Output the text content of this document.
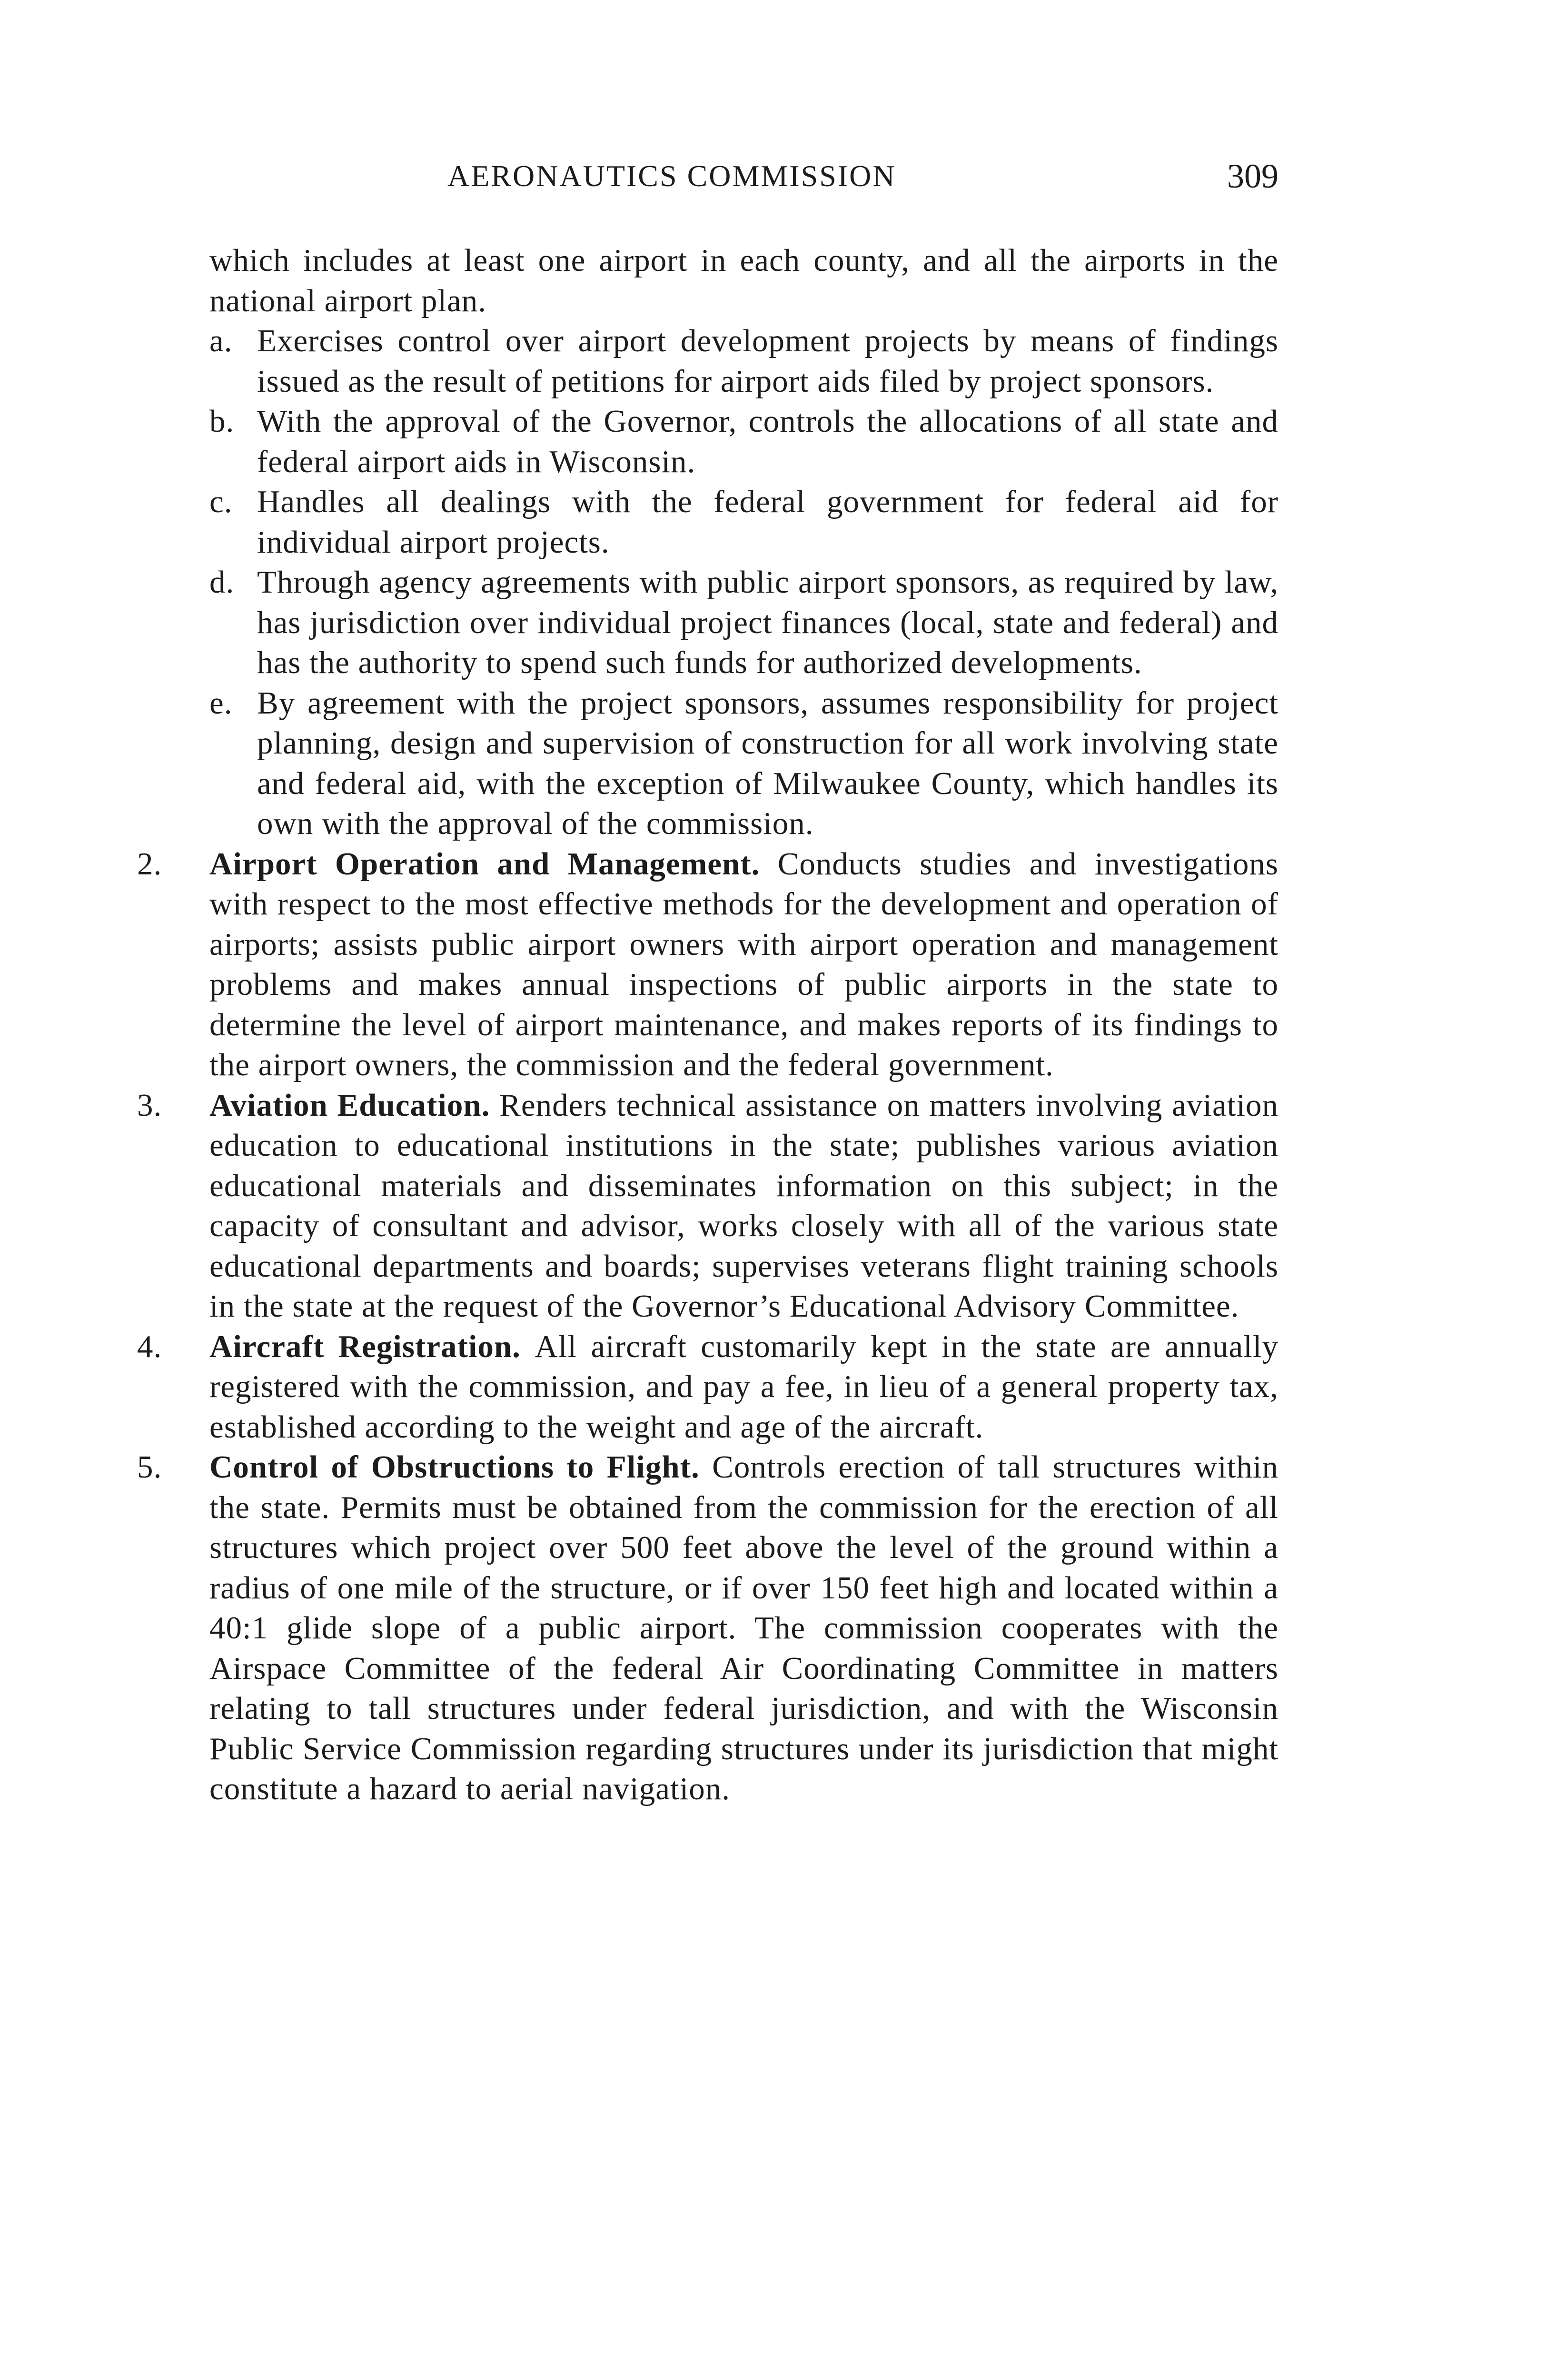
AERONAUTICS COMMISSION	309

which includes at least one airport in each county, and all the airports in the national airport plan.

a. Exercises control over airport development projects by means of findings issued as the result of petitions for airport aids filed by project sponsors.
b. With the approval of the Governor, controls the allocations of all state and federal airport aids in Wisconsin.
c. Handles all dealings with the federal government for federal aid for individual airport projects.
d. Through agency agreements with public airport sponsors, as required by law, has jurisdiction over individual project finances (local, state and federal) and has the authority to spend such funds for authorized developments.
e. By agreement with the project sponsors, assumes responsibility for project planning, design and supervision of construction for all work involving state and federal aid, with the exception of Milwaukee County, which handles its own with the approval of the commission.
2. Airport Operation and Management. Conducts studies and investigations with respect to the most effective methods for the development and operation of airports; assists public airport owners with airport operation and management problems and makes annual inspections of public airports in the state to determine the level of airport maintenance, and makes reports of its findings to the airport owners, the commission and the federal government.
3. Aviation Education. Renders technical assistance on matters involving aviation education to educational institutions in the state; publishes various aviation educational materials and disseminates information on this subject; in the capacity of consultant and advisor, works closely with all of the various state educational departments and boards; supervises veterans flight training schools in the state at the request of the Governor’s Educational Advisory Committee.
4. Aircraft Registration. All aircraft customarily kept in the state are annually registered with the commission, and pay a fee, in lieu of a general property tax, established according to the weight and age of the aircraft.
5. Control of Obstructions to Flight. Controls erection of tall structures within the state. Permits must be obtained from the commission for the erection of all structures which project over 500 feet above the level of the ground within a radius of one mile of the structure, or if over 150 feet high and located within a 40:1 glide slope of a public airport. The commission cooperates with the Airspace Committee of the federal Air Coordinating Committee in matters relating to tall structures under federal jurisdiction, and with the Wisconsin Public Service Commission regarding structures under its jurisdiction that might constitute a hazard to aerial navigation.
